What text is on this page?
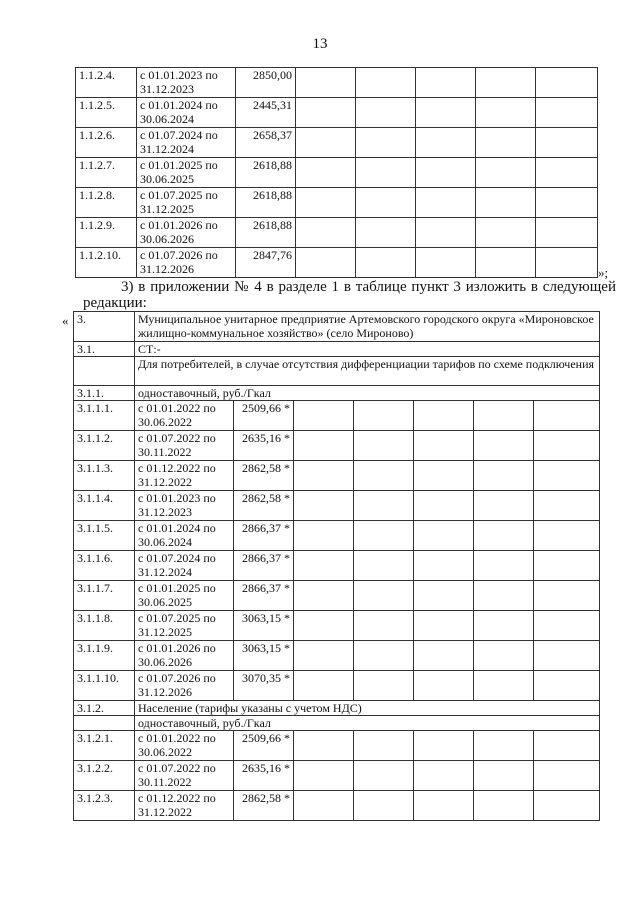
13
1.1.2.4.	с 01.01.2023 по 31.12.2023	2850,00					
1.1.2.5.	с 01.01.2024 по 30.06.2024	2445,31					
1.1.2.6.	с 01.07.2024 по 31.12.2024	2658,37					
1.1.2.7.	с 01.01.2025 по 30.06.2025	2618,88					
1.1.2.8.	с 01.07.2025 по 31.12.2025	2618,88					
1.1.2.9.	с 01.01.2026 по 30.06.2026	2618,88					
1.1.2.10.	с 01.07.2026 по 31.12.2026	2847,76					
»;
3) в приложении № 4 в разделе 1 в таблице пункт 3 изложить в следующей редакции:
« 3.	Муниципальное унитарное предприятие Артемовского городского округа «Мироновское жилищно-коммунальное хозяйство» (село Мироново)						
3.1.	СТ:-						
	Для потребителей, в случае отсутствия дифференциации тарифов по схеме подключения						
3.1.1.	одноставочный, руб./Гкал						
3.1.1.1.	с 01.01.2022 по 30.06.2022	2509,66 *					
3.1.1.2.	с 01.07.2022 по 30.11.2022	2635,16 *					
3.1.1.3.	с 01.12.2022 по 31.12.2022	2862,58 *					
3.1.1.4.	с 01.01.2023 по 31.12.2023	2862,58 *					
3.1.1.5.	с 01.01.2024 по 30.06.2024	2866,37 *					
3.1.1.6.	с 01.07.2024 по 31.12.2024	2866,37 *					
3.1.1.7.	с 01.01.2025 по 30.06.2025	2866,37 *					
3.1.1.8.	с 01.07.2025 по 31.12.2025	3063,15 *					
3.1.1.9.	с 01.01.2026 по 30.06.2026	3063,15 *					
3.1.1.10.	с 01.07.2026 по 31.12.2026	3070,35 *					
3.1.2.	Население (тарифы указаны с учетом НДС)						
	одноставочный, руб./Гкал						
3.1.2.1.	с 01.01.2022 по 30.06.2022	2509,66 *					
3.1.2.2.	с 01.07.2022 по 30.11.2022	2635,16 *					
3.1.2.3.	с 01.12.2022 по 31.12.2022	2862,58 *					
